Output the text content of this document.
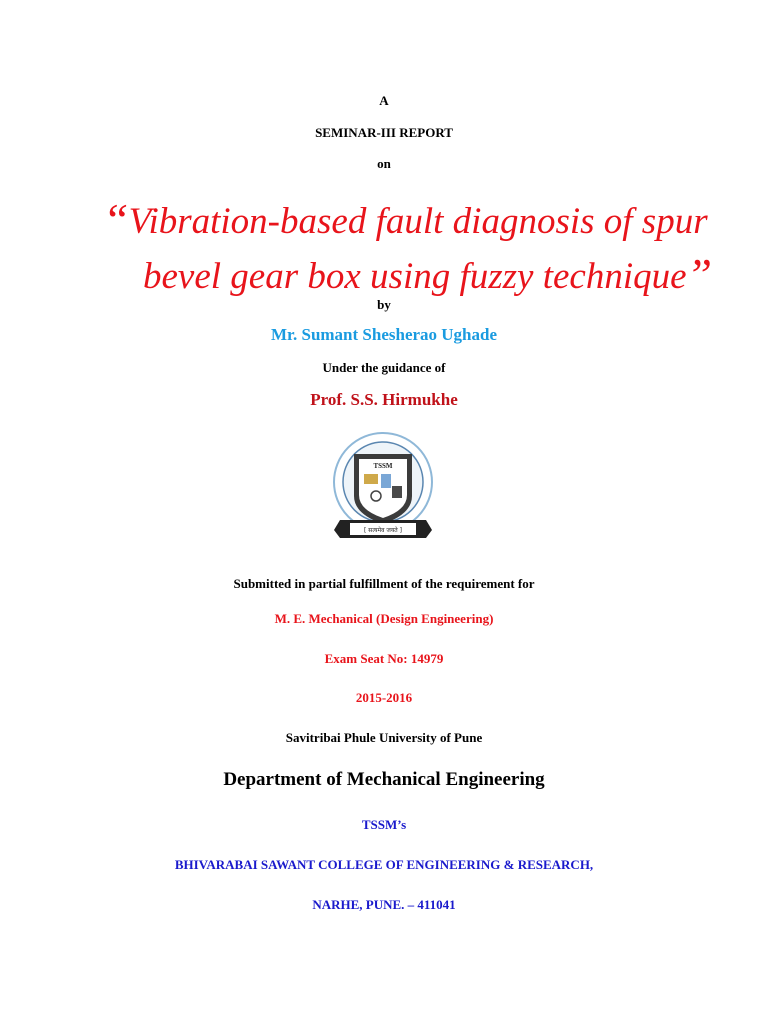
A
SEMINAR-III REPORT
on
“Vibration-based fault diagnosis of spur
bevel gear box using fuzzy technique”
by
Mr. Sumant Shesherao Ughade
Under the guidance of
Prof. S.S. Hirmukhe
TSSM
[ सत्यमेव जयते ]
Submitted in partial fulfillment of the requirement for
M. E. Mechanical (Design Engineering)
Exam Seat No: 14979
2015-2016
Savitribai Phule University of Pune
Department of Mechanical Engineering
TSSM’s
BHIVARABAI SAWANT COLLEGE OF ENGINEERING & RESEARCH,
NARHE, PUNE. – 411041
